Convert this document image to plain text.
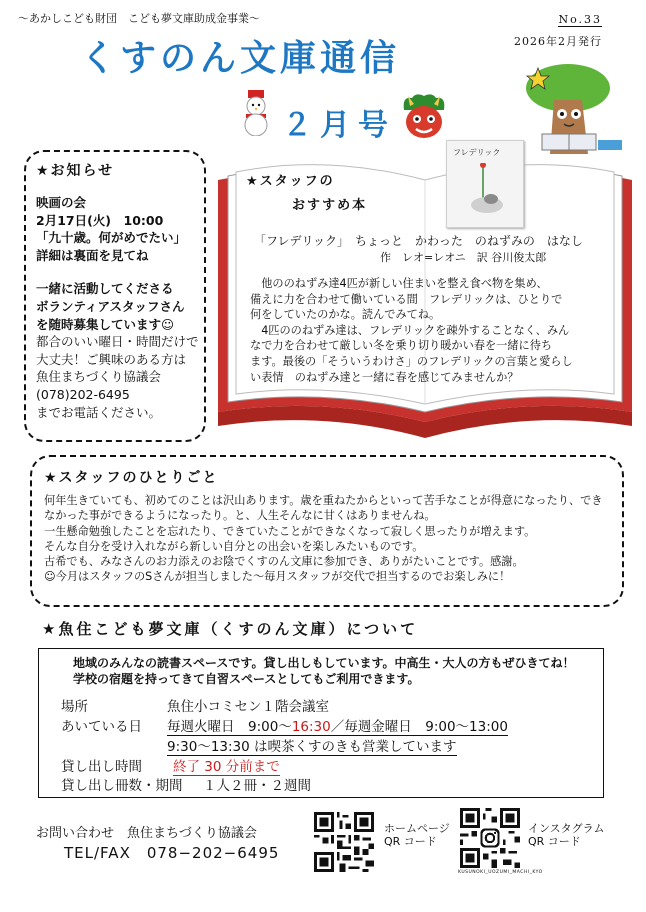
〜あかしこども財団　こども夢文庫助成金事業〜	No.33
2026年2月発行
くすのん文庫通信
２月号
★お知らせ
映画の会
2月17日(火)　10:00
「九十歳。何がめでたい」
詳細は裏面を見てね
一緒に活動してくださる
ボランティアスタッフさん
を随時募集しています☺
都合のいい曜日・時間だけで
大丈夫！ご興味のある方は
魚住まちづくり協議会
(078)202-6495
までお電話ください。
★スタッフの
おすすめ本
フレデリック
「フレデリック」　ちょっと　かわった　のねずみの　はなし
作　レオ=レオニ　訳 谷川俊太郎
　他ののねずみ達4匹が新しい住まいを整え食べ物を集め、
備えに力を合わせて働いている間　フレデリックは、ひとりで
何をしていたのかな。読んでみてね。
　4匹ののねずみ達は、フレデリックを疎外することなく、みん
なで力を合わせて厳しい冬を乗り切り暖かい春を一緒に待ち
ます。最後の「そういうわけさ」のフレデリックの言葉と愛らし
い表情　のねずみ達と一緒に春を感じてみませんか？
★スタッフのひとりごと
何年生きていても、初めてのことは沢山あります。歳を重ねたからといって苦手なことが得意になったり、でき
なかった事ができるようになったり。と、人生そんなに甘くはありませんね。
一生懸命勉強したことを忘れたり、できていたことができなくなって寂しく思ったりが増えます。
そんな自分を受け入れながら新しい自分との出会いを楽しみたいものです。
古希でも、みなさんのお力添えのお陰でくすのん文庫に参加でき、ありがたいことです。感謝。
☺今月はスタッフのSさんが担当しました〜毎月スタッフが交代で担当するのでお楽しみに！
★魚住こども夢文庫（くすのん文庫）について
地域のみんなの読書スペースです。貸し出しもしています。中高生・大人の方もぜひきてね！
学校の宿題を持ってきて自習スペースとしてもご利用できます。
場所	魚住小コミセン１階会議室
あいている日 毎週火曜日　9:00〜16:30／毎週金曜日　9:00〜13:00
9:30〜13:30 は喫茶くすのきも営業しています
貸し出し時間 終了 30 分前まで
貸し出し冊数・期間 １人２冊・２週間
お問い合わせ　魚住まちづくり協議会
TEL/FAX　078−202−6495
ホームページ
QR コード
インスタグラム
QR コード
KUSUNOKI_UOZUMI_MACHI_KYO
